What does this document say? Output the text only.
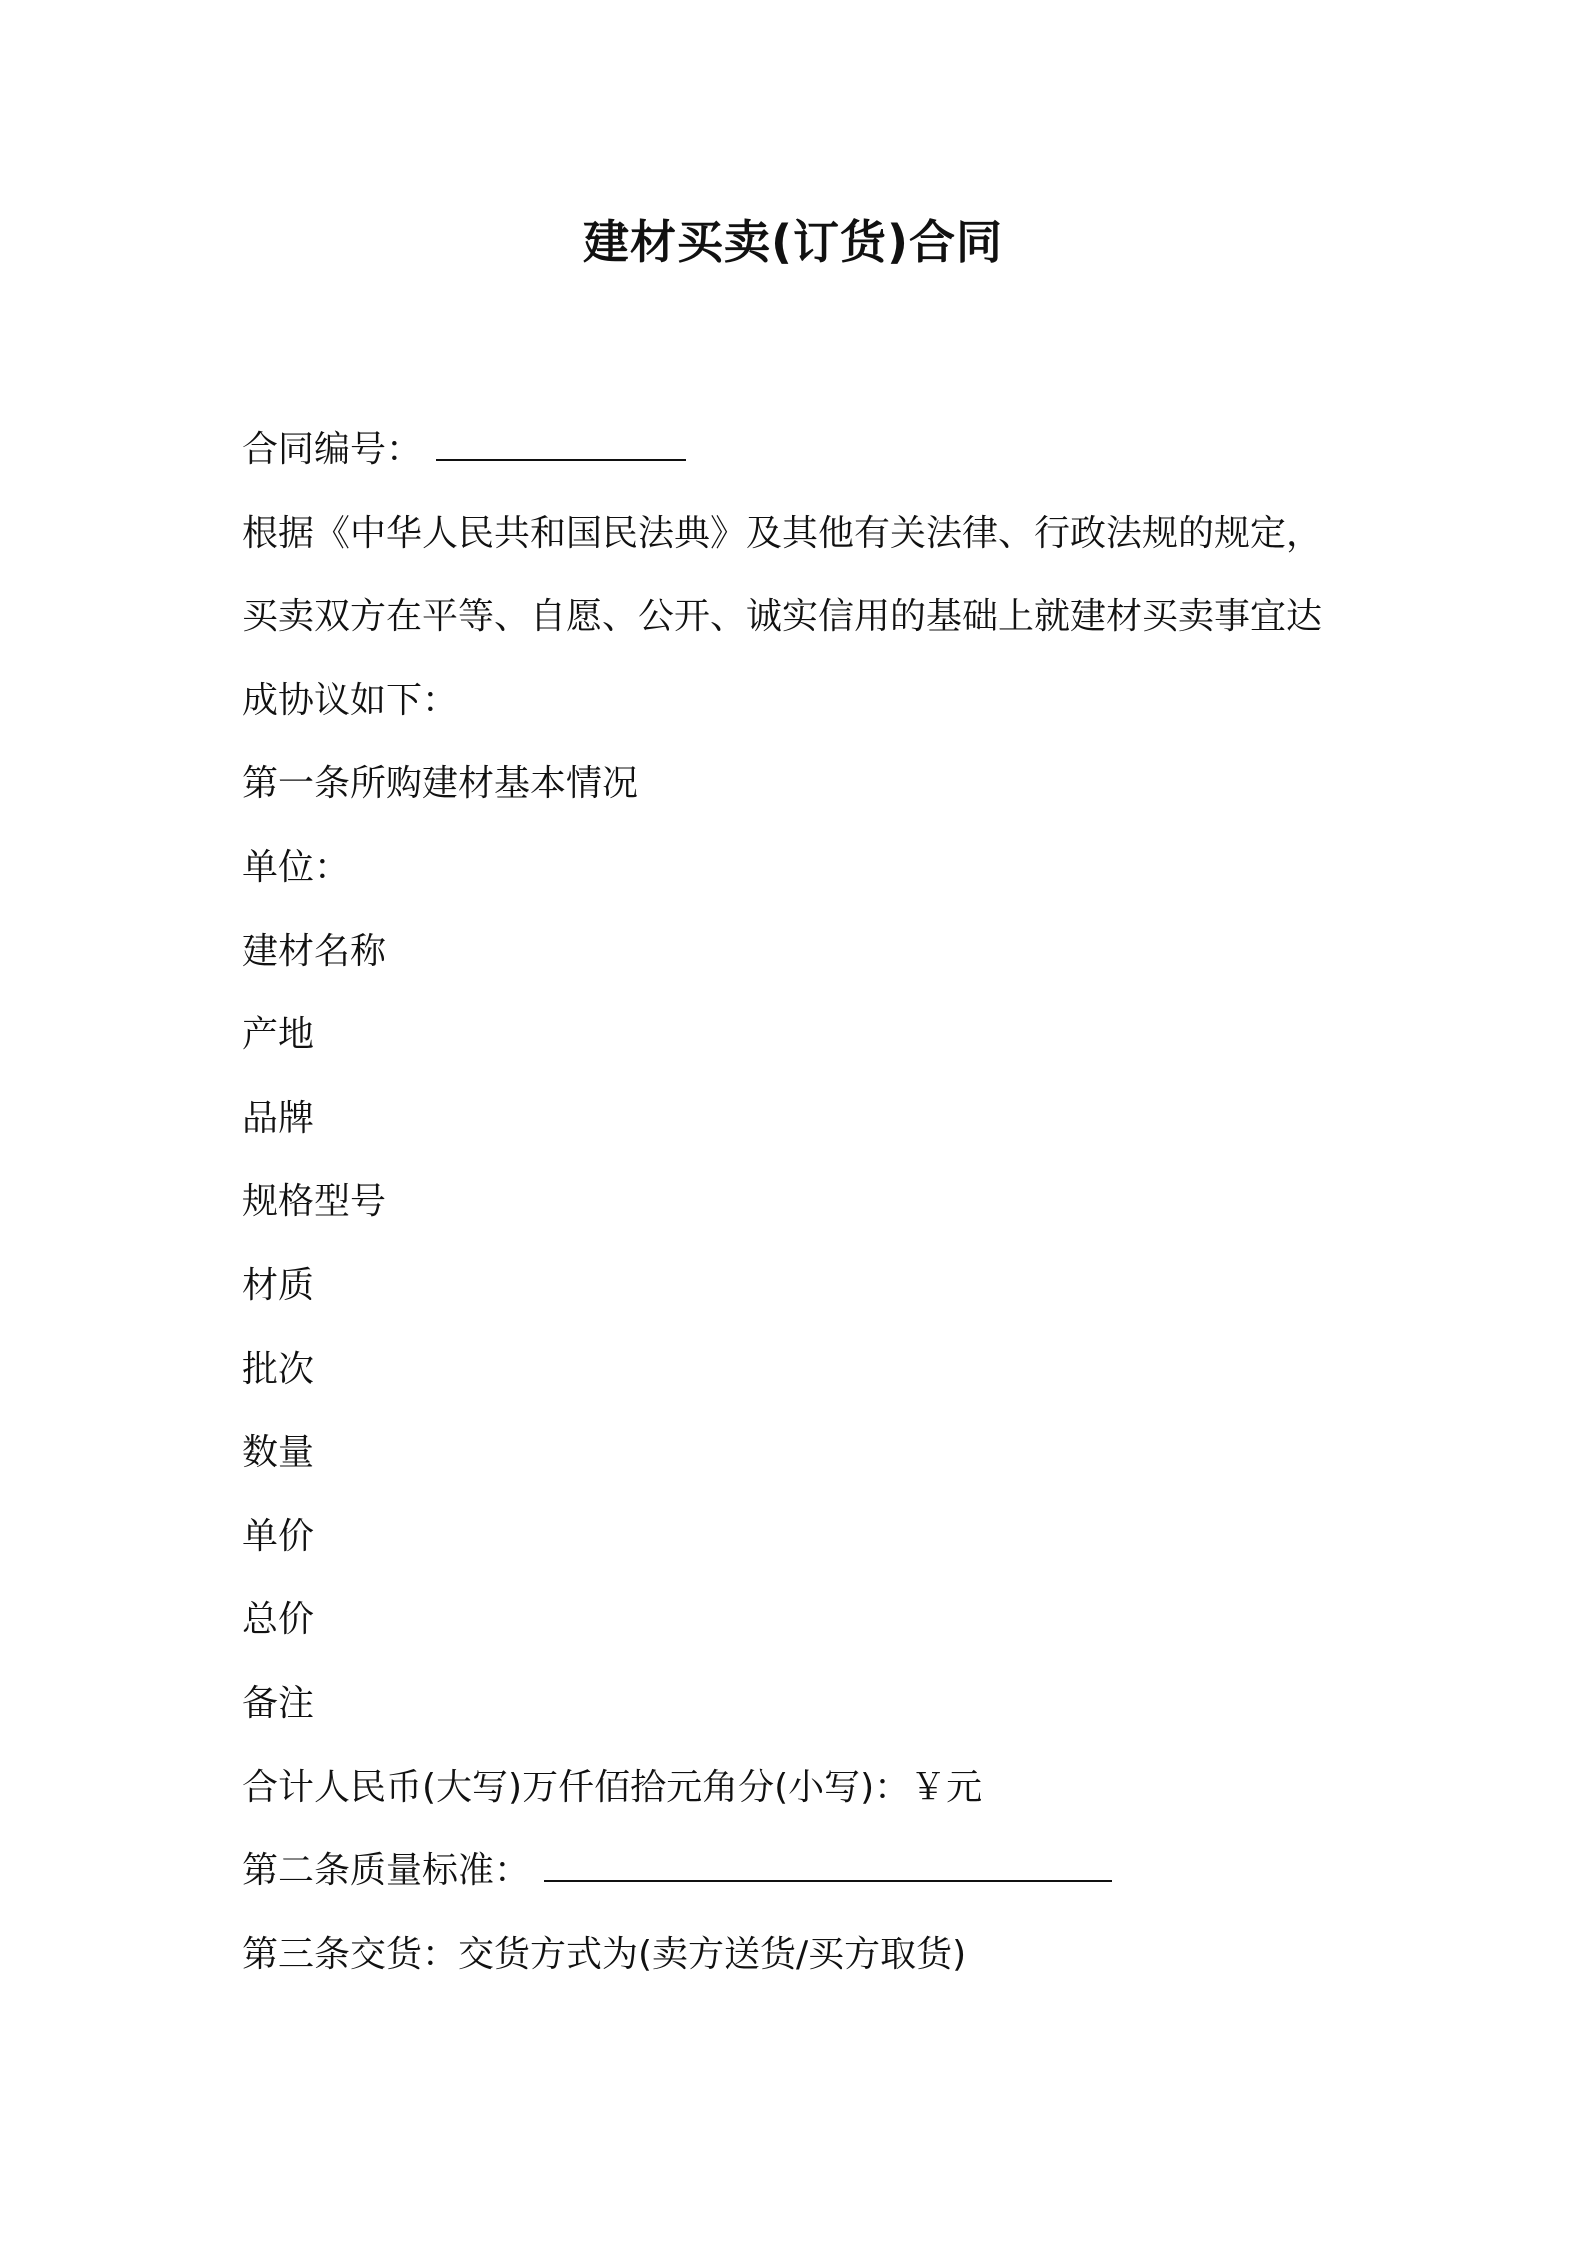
建材买卖(订货)合同
合同编号：
根据《中华人民共和国民法典》及其他有关法律、行政法规的规定，
买卖双方在平等、自愿、公开、诚实信用的基础上就建材买卖事宜达
成协议如下：
第一条所购建材基本情况
单位：
建材名称
产地
品牌
规格型号
材质
批次
数量
单价
总价
备注
合计人民币(大写)万仟佰拾元角分(小写)：￥元
第二条质量标准：
第三条交货：交货方式为(卖方送货/买方取货)
